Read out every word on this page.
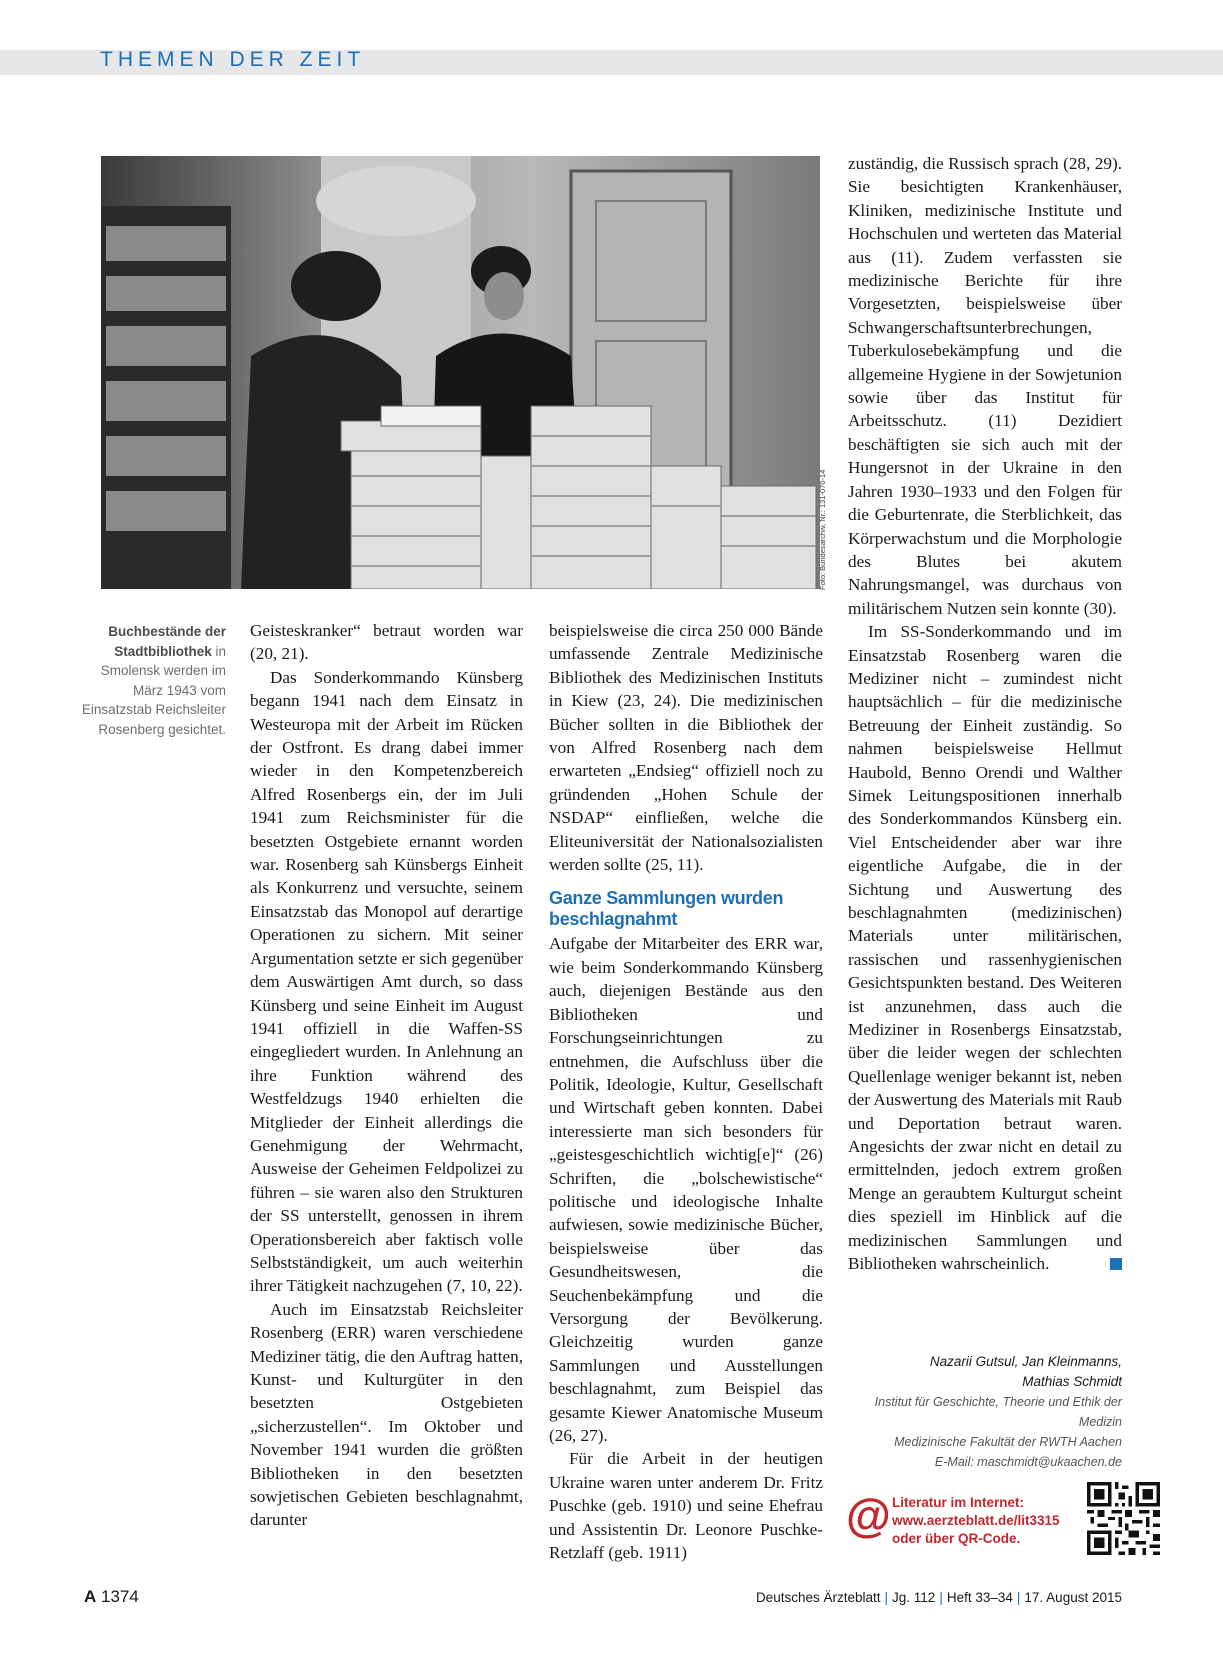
THEMEN DER ZEIT
Foto: Bundesarchiv, Nr.: 131-070-14
Buchbestände der Stadtbibliothek in Smolensk werden im März 1943 vom Einsatzstab Reichsleiter Rosenberg gesichtet.

Geisteskranker“ betraut worden war (20, 21).

Das Sonderkommando Künsberg begann 1941 nach dem Einsatz in Westeuropa mit der Arbeit im Rücken der Ostfront. Es drang dabei immer wieder in den Kompetenzbereich Alfred Rosenbergs ein, der im Juli 1941 zum Reichsminister für die besetzten Ostgebiete ernannt worden war. Rosenberg sah Künsbergs Einheit als Konkurrenz und versuchte, seinem Einsatzstab das Monopol auf derartige Operationen zu sichern. Mit seiner Argumentation setzte er sich gegenüber dem Auswärtigen Amt durch, so dass Künsberg und seine Einheit im August 1941 offiziell in die Waffen-SS eingegliedert wurden. In Anlehnung an ihre Funktion während des Westfeldzugs 1940 erhielten die Mitglieder der Einheit allerdings die Genehmigung der Wehrmacht, Ausweise der Geheimen Feldpolizei zu führen – sie waren also den Strukturen der SS unterstellt, genossen in ihrem Operationsbereich aber faktisch volle Selbstständigkeit, um auch weiterhin ihrer Tätigkeit nachzugehen (7, 10, 22).

Auch im Einsatzstab Reichsleiter Rosenberg (ERR) waren verschiedene Mediziner tätig, die den Auftrag hatten, Kunst- und Kulturgüter in den besetzten Ostgebieten „sicherzustellen“. Im Oktober und November 1941 wurden die größten Bibliotheken in den besetzten sowjetischen Gebieten beschlagnahmt, darunter

beispielsweise die circa 250 000 Bände umfassende Zentrale Medizinische Bibliothek des Medizinischen Instituts in Kiew (23, 24). Die medizinischen Bücher sollten in die Bibliothek der von Alfred Rosenberg nach dem erwarteten „Endsieg“ offiziell noch zu gründenden „Hohen Schule der NSDAP“ einfließen, welche die Eliteuniversität der Nationalsozialisten werden sollte (25, 11).

Ganze Sammlungen wurden beschlagnahmt

Aufgabe der Mitarbeiter des ERR war, wie beim Sonderkommando Künsberg auch, diejenigen Bestände aus den Bibliotheken und Forschungseinrichtungen zu entnehmen, die Aufschluss über die Politik, Ideologie, Kultur, Gesellschaft und Wirtschaft geben konnten. Dabei interessierte man sich besonders für „geistesgeschichtlich wichtig[e]“ (26) Schriften, die „bolschewistische“ politische und ideologische Inhalte aufwiesen, sowie medizinische Bücher, beispielsweise über das Gesundheitswesen, die Seuchenbekämpfung und die Versorgung der Bevölkerung. Gleichzeitig wurden ganze Sammlungen und Ausstellungen beschlagnahmt, zum Beispiel das gesamte Kiewer Anatomische Museum (26, 27).

Für die Arbeit in der heutigen Ukraine waren unter anderem Dr. Fritz Puschke (geb. 1910) und seine Ehefrau und Assistentin Dr. Leonore Puschke-Retzlaff (geb. 1911)

zuständig, die Russisch sprach (28, 29). Sie besichtigten Krankenhäuser, Kliniken, medizinische Institute und Hochschulen und werteten das Material aus (11). Zudem verfassten sie medizinische Berichte für ihre Vorgesetzten, beispielsweise über Schwangerschaftsunterbrechungen, Tuberkulosebekämpfung und die allgemeine Hygiene in der Sowjetunion sowie über das Institut für Arbeitsschutz. (11) Dezidiert beschäftigten sie sich auch mit der Hungersnot in der Ukraine in den Jahren 1930–1933 und den Folgen für die Geburtenrate, die Sterblichkeit, das Körperwachstum und die Morphologie des Blutes bei akutem Nahrungsmangel, was durchaus von militärischem Nutzen sein konnte (30).

Im SS-Sonderkommando und im Einsatzstab Rosenberg waren die Mediziner nicht – zumindest nicht hauptsächlich – für die medizinische Betreuung der Einheit zuständig. So nahmen beispielsweise Hellmut Haubold, Benno Orendi und Walther Simek Leitungspositionen innerhalb des Sonderkommandos Künsberg ein. Viel Entscheidender aber war ihre eigentliche Aufgabe, die in der Sichtung und Auswertung des beschlagnahmten (medizinischen) Materials unter militärischen, rassischen und rassenhygienischen Gesichtspunkten bestand. Des Weiteren ist anzunehmen, dass auch die Mediziner in Rosenbergs Einsatzstab, über die leider wegen der schlechten Quellenlage weniger bekannt ist, neben der Auswertung des Materials mit Raub und Deportation betraut waren. Angesichts der zwar nicht en detail zu ermittelnden, jedoch extrem großen Menge an geraubtem Kulturgut scheint dies speziell im Hinblick auf die medizinischen Sammlungen und Bibliotheken wahrscheinlich.

Nazarii Gutsul, Jan Kleinmanns,
Mathias Schmidt
Institut für Geschichte, Theorie und Ethik der Medizin
Medizinische Fakultät der RWTH Aachen
E-Mail: maschmidt@ukaachen.de
@ Literatur im Internet:
www.aerzteblatt.de/lit3315
oder über QR-Code.
A 1374	Deutsches Ärzteblatt | Jg. 112 | Heft 33–34 | 17. August 2015
